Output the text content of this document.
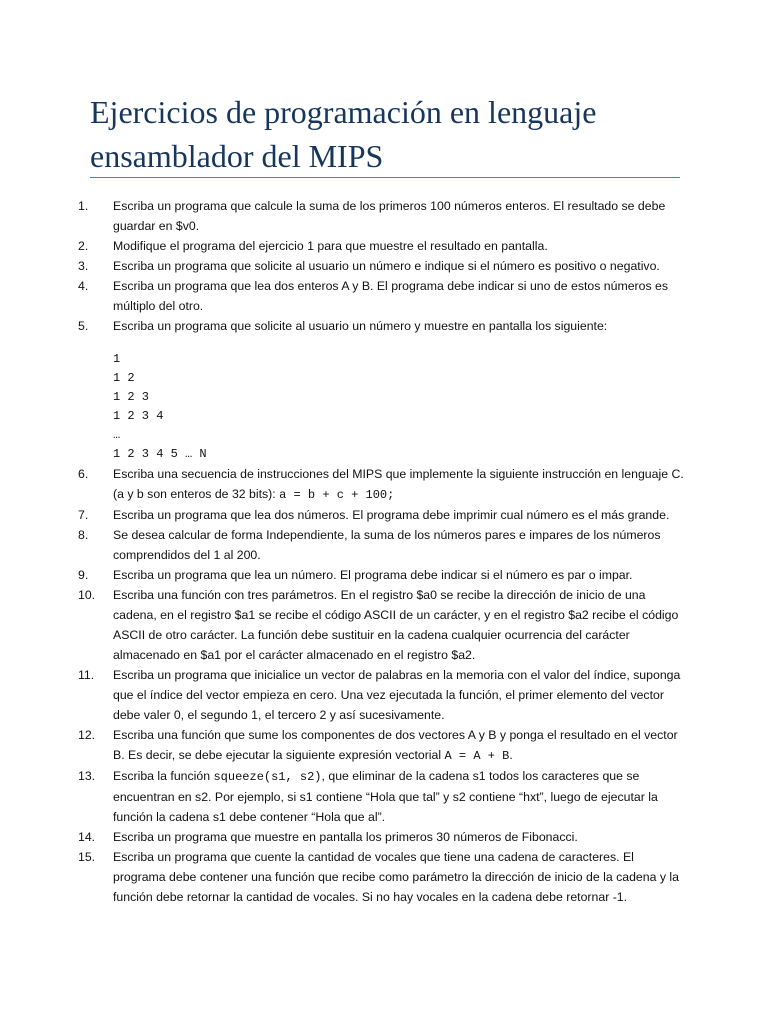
Ejercicios de programación en lenguaje ensamblador del MIPS
1.	Escriba un programa que calcule la suma de los primeros 100 números enteros. El resultado se debe guardar en $v0.
2.	Modifique el programa del ejercicio 1 para que muestre el resultado en pantalla.
3.	Escriba un programa que solicite al usuario un número e indique si el número es positivo o negativo.
4.	Escriba un programa que lea dos enteros A y B. El programa debe indicar si uno de estos números es múltiplo del otro.
5.	Escriba un programa que solicite al usuario un número y muestre en pantalla los siguiente:
1
1 2
1 2 3
1 2 3 4
…
1 2 3 4 5 … N
6.	Escriba una secuencia de instrucciones del MIPS que implemente la siguiente instrucción en lenguaje C. (a y b son enteros de 32 bits): a = b + c + 100;
7.	Escriba un programa que lea dos números. El programa debe imprimir cual número es el más grande.
8.	Se desea calcular de forma Independiente, la suma de los números pares e impares de los números comprendidos del 1 al 200.
9.	Escriba un programa que lea un número. El programa debe indicar si el número es par o impar.
10.	Escriba una función con tres parámetros. En el registro $a0 se recibe la dirección de inicio de una cadena, en el registro $a1 se recibe el código ASCII de un carácter, y en el registro $a2 recibe el código ASCII de otro carácter. La función debe sustituir en la cadena cualquier ocurrencia del carácter almacenado en $a1 por el carácter almacenado en el registro $a2.
11.	Escriba un programa que inicialice un vector de palabras en la memoria con el valor del índice, suponga que el índice del vector empieza en cero. Una vez ejecutada la función, el primer elemento del vector debe valer 0, el segundo 1, el tercero 2 y así sucesivamente.
12.	Escriba una función que sume los componentes de dos vectores A y B y ponga el resultado en el vector B. Es decir, se debe ejecutar la siguiente expresión vectorial A = A + B.
13.	Escriba la función squeeze(s1, s2), que eliminar de la cadena s1 todos los caracteres que se encuentran en s2. Por ejemplo, si s1 contiene “Hola que tal” y s2 contiene “hxt”, luego de ejecutar la función la cadena s1 debe contener “Hola que al”.
14.	Escriba un programa que muestre en pantalla los primeros 30 números de Fibonacci.
15.	Escriba un programa que cuente la cantidad de vocales que tiene una cadena de caracteres. El programa debe contener una función que recibe como parámetro la dirección de inicio de la cadena y la función debe retornar la cantidad de vocales. Si no hay vocales en la cadena debe retornar -1.
